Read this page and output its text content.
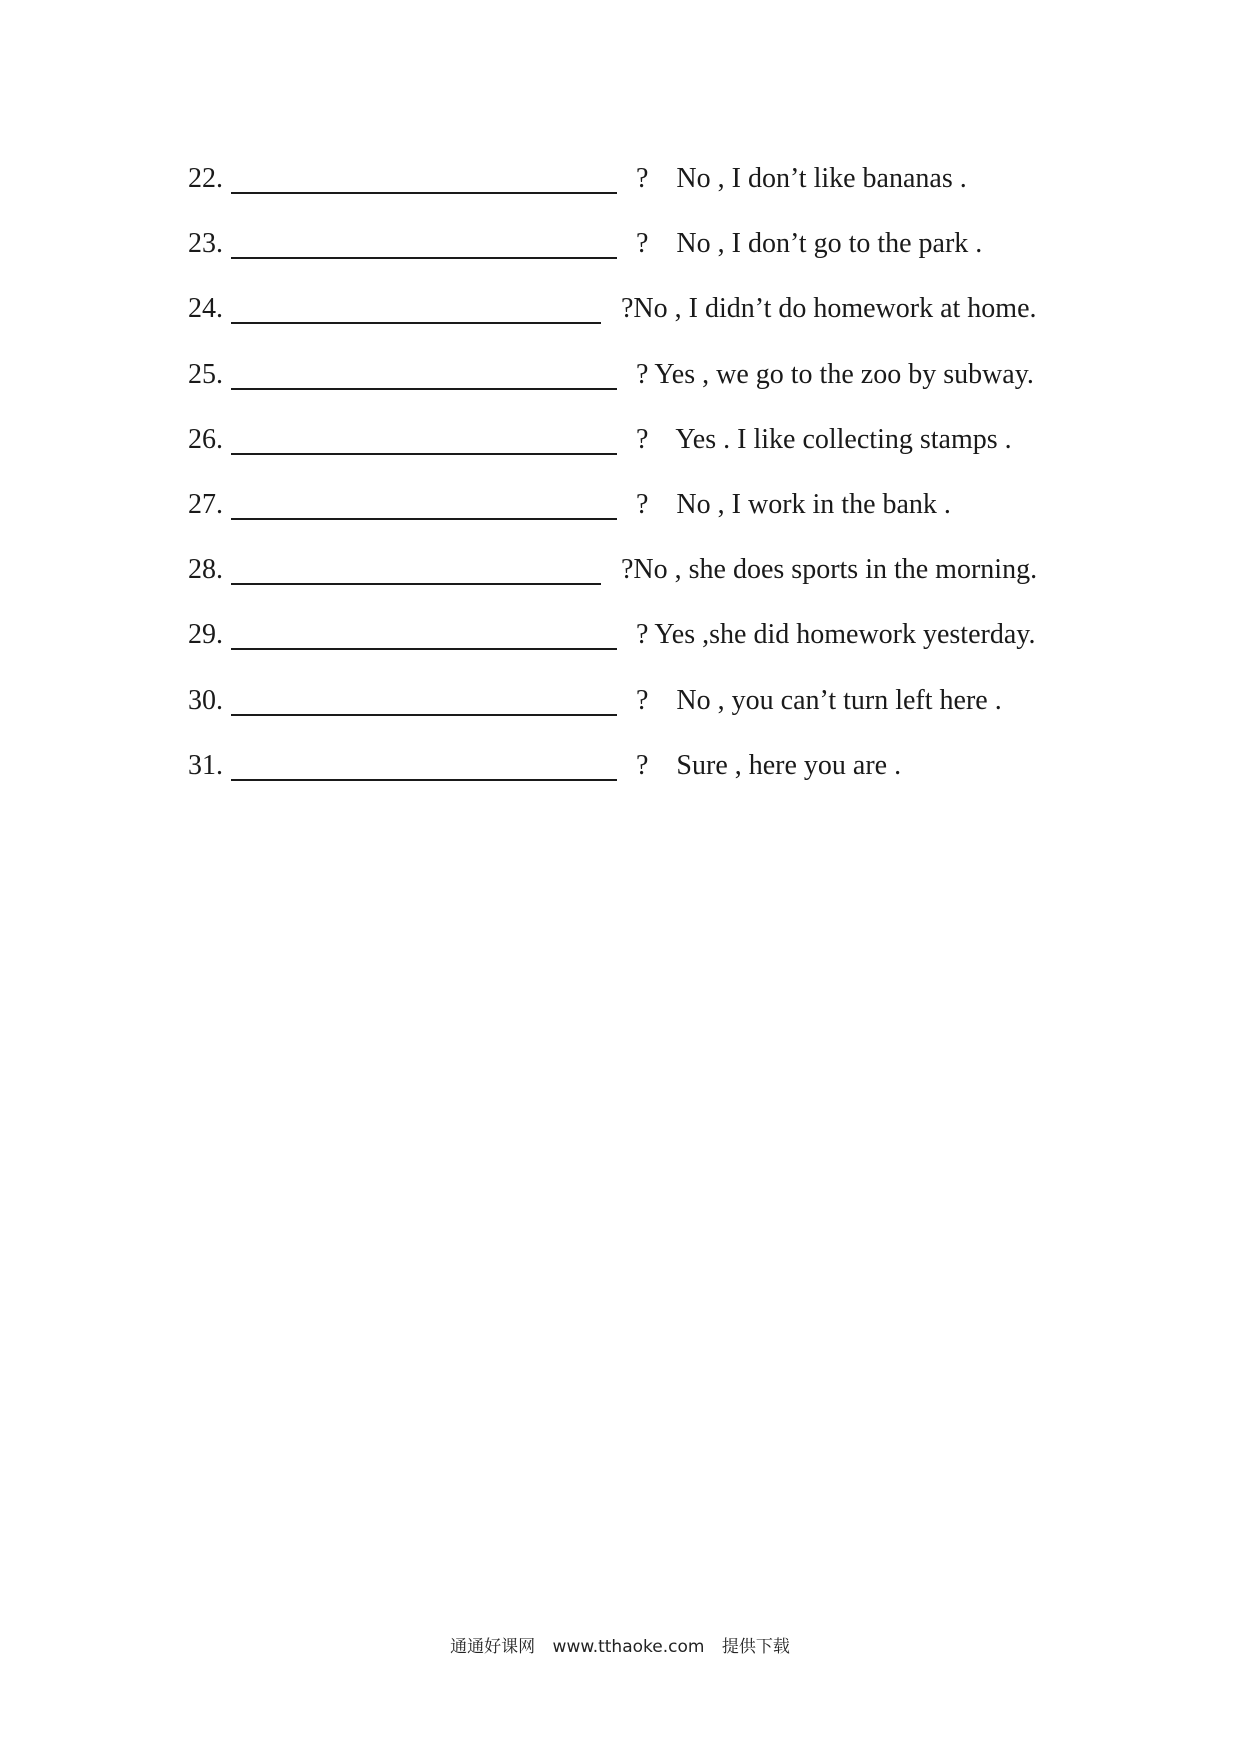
22.	?    No , I don’t like bananas .
23.	?    No , I don’t go to the park .
24.	?No , I didn’t do homework at home.
25.	? Yes , we go to the zoo by subway.
26.	?    Yes . I like collecting stamps .
27.	?    No , I work in the bank .
28.	?No , she does sports in the morning.
29.	? Yes ,she did homework yesterday.
30.	?    No , you can’t turn left here .
31.	?    Sure , here you are .
通通好课网 www.tthaoke.com 提供下载
